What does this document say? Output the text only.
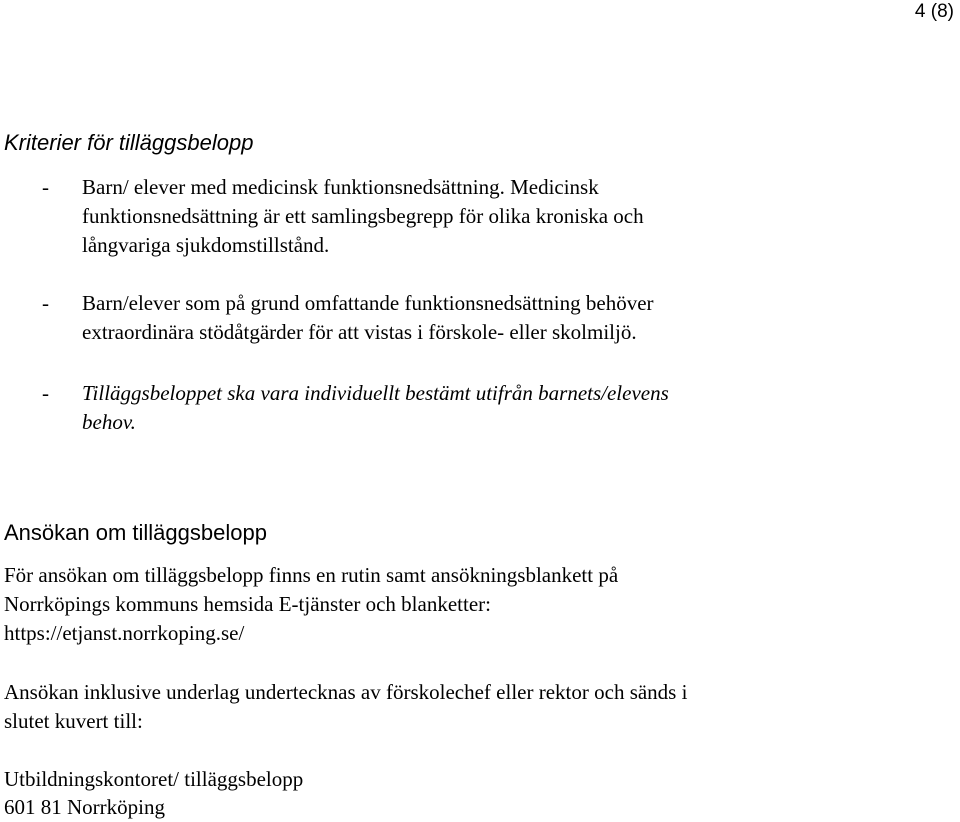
4 (8)
Kriterier för tilläggsbelopp
- Barn/ elever med medicinsk funktionsnedsättning. Medicinsk
funktionsnedsättning är ett samlingsbegrepp för olika kroniska och
långvariga sjukdomstillstånd.
- Barn/elever som på grund omfattande funktionsnedsättning behöver
extraordinära stödåtgärder för att vistas i förskole- eller skolmiljö.
- Tilläggsbeloppet ska vara individuellt bestämt utifrån barnets/elevens
behov.
Ansökan om tilläggsbelopp
För ansökan om tilläggsbelopp finns en rutin samt ansökningsblankett på
Norrköpings kommuns hemsida E-tjänster och blanketter:
https://etjanst.norrkoping.se/
Ansökan inklusive underlag undertecknas av förskolechef eller rektor och sänds i
slutet kuvert till:
Utbildningskontoret/ tilläggsbelopp
601 81 Norrköping
